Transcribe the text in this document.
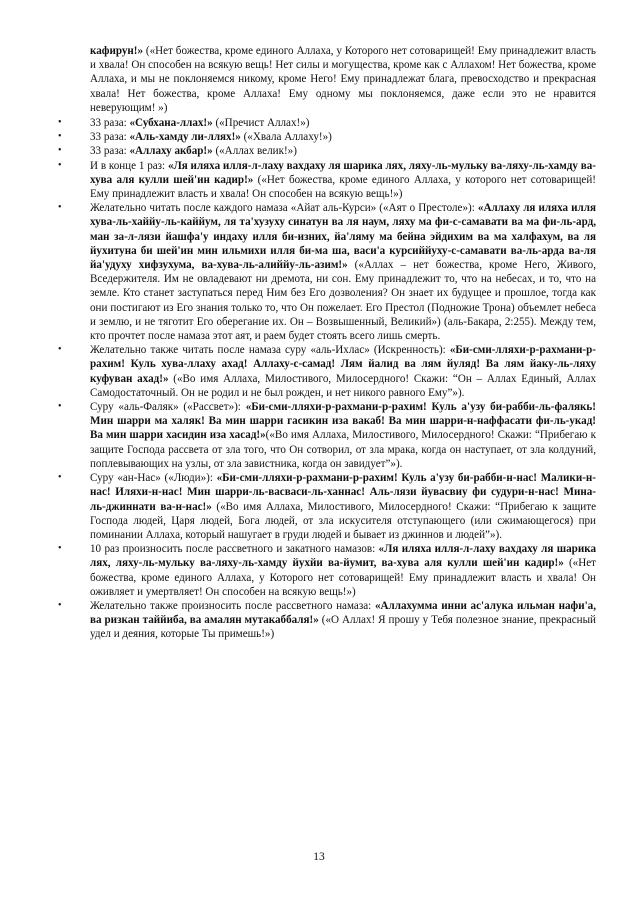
кафирун!» («Нет божества, кроме единого Аллаха, у Которого нет сотоварищей! Ему принадлежит власть и хвала! Он способен на всякую вещь! Нет силы и могущества, кроме как с Аллахом! Нет божества, кроме Аллаха, и мы не поклоняемся никому, кроме Него! Ему принадлежат блага, превосходство и прекрасная хвала! Нет божества, кроме Аллаха! Ему одному мы поклоняемся, даже если это не нравится неверующим! »)

•	33 раза: «Субхана-ллах!» («Пречист Аллах!»)
•	33 раза: «Аль-хамду ли-ллях!» («Хвала Аллаху!»)
•	33 раза: «Аллаху акбар!» («Аллах велик!»)
•	И в конце 1 раз: «Ля иляха илля-л-лаху вахдаху ля шарика лях, ляху-ль-мульку ва-ляху-ль-хамду ва-хува аля кулли шей'ин кадир!» («Нет божества, кроме единого Аллаха, у которого нет сотоварищей! Ему принадлежит власть и хвала! Он способен на всякую вещь!»)
•	Желательно читать после каждого намаза «Айат аль-Курси» («Аят о Престоле»): «Аллаху ля иляха илля хува-ль-хаййу-ль-каййум, ля та'хузуху синатун ва ля наум, ляху ма фи-с-самавати ва ма фи-ль-ард, ман за-л-лязи йашфа'у индаху илля би-изних, йа'ляму ма бейна эйдихим ва ма халфахум, ва ля йухитуна би шей'ин мин ильмихи илля би-ма ша, васи'а курсиййуху-с-самавати ва-ль-арда ва-ля йа'удуху хифзухума, ва-хува-ль-алиййу-ль-азим!» («Аллах – нет божества, кроме Него, Живого, Вседержителя. Им не овладевают ни дремота, ни сон. Ему принадлежит то, что на небесах, и то, что на земле. Кто станет заступаться перед Ним без Его дозволения? Он знает их будущее и прошлое, тогда как они постигают из Его знания только то, что Он пожелает. Его Престол (Подножие Трона) объемлет небеса и землю, и не тяготит Его оберегание их. Он – Возвышенный, Великий») (аль-Бакара, 2:255). Между тем, кто прочтет после намаза этот аят, и раем будет стоять всего лишь смерть.
•	Желательно также читать после намаза суру «аль-Ихлас» (Искренность): «Би-сми-лляхи-р-рахмани-р-рахим! Куль хува-ллаху ахад! Аллаху-с-самад! Лям йалид ва лям йуляд! Ва лям йаку-ль-ляху куфуван ахад!» («Во имя Аллаха, Милостивого, Милосердного! Скажи: “Он – Аллах Единый, Аллах Самодостаточный. Он не родил и не был рожден, и нет никого равного Ему”»).
•	Суру «аль-Фаляк» («Рассвет»): «Би-сми-лляхи-р-рахмани-р-рахим! Куль а'узу би-рабби-ль-фалякь! Мин шарри ма халяк! Ва мин шарри гасикин иза вакаб! Ва мин шарри-н-наффасати фи-ль-укад! Ва мин шарри хасидин иза хасад!»(«Во имя Аллаха, Милостивого, Милосердного! Скажи: “Прибегаю к защите Господа рассвета от зла того, что Он сотворил, от зла мрака, когда он наступает, от зла колдуний, поплевывающих на узлы, от зла завистника, когда он завидует”»).
•	Суру «ан-Нас» («Люди»): «Би-сми-лляхи-р-рахмани-р-рахим! Куль а'узу би-рабби-н-нас! Малики-н-нас! Иляхи-н-нас! Мин шарри-ль-васваси-ль-ханнас! Аль-лязи йувасвиу фи судури-н-нас! Мина-ль-джиннати ва-н-нас!» («Во имя Аллаха, Милостивого, Милосердного! Скажи: “Прибегаю к защите Господа людей, Царя людей, Бога людей, от зла искусителя отступающего (или сжимающегося) при поминании Аллаха, который нашугает в груди людей и бывает из джиннов и людей”»).
•	10 раз произносить после рассветного и закатного намазов: «Ля иляха илля-л-лаху вахдаху ля шарика лях, ляху-ль-мульку ва-ляху-ль-хамду йухйи ва-йумит, ва-хува аля кулли шей'ин кадир!» («Нет божества, кроме единого Аллаха, у Которого нет сотоварищей! Ему принадлежит власть и хвала! Он оживляет и умертвляет! Он способен на всякую вещь!»)
•	Желательно также произносить после рассветного намаза: «Аллахумма инни ас'алука ильман нафи'а, ва ризкан таййиба, ва амалян мутакаббаля!» («О Аллах! Я прошу у Тебя полезное знание, прекрасный удел и деяния, которые Ты примешь!»)
13
